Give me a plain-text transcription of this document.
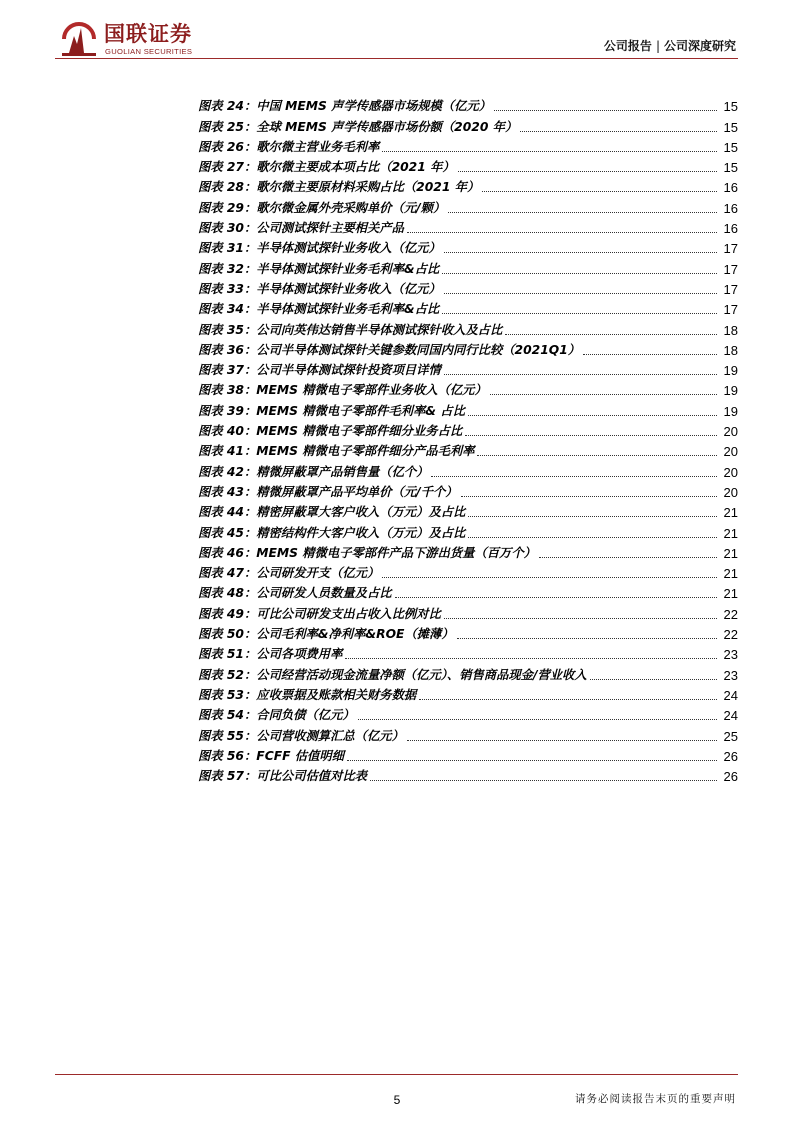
国联证券
GUOLIAN SECURITIES	公司报告 | 公司深度研究
图表 24： 中国 MEMS 声学传感器市场规模（亿元）	15
图表 25： 全球 MEMS 声学传感器市场份额（2020 年）	15
图表 26： 歌尔微主营业务毛利率	15
图表 27： 歌尔微主要成本项占比（2021 年）	15
图表 28： 歌尔微主要原材料采购占比（2021 年）	16
图表 29： 歌尔微金属外壳采购单价（元/颗）	16
图表 30： 公司测试探针主要相关产品	16
图表 31： 半导体测试探针业务收入（亿元）	17
图表 32： 半导体测试探针业务毛利率&占比	17
图表 33： 半导体测试探针业务收入（亿元）	17
图表 34： 半导体测试探针业务毛利率&占比	17
图表 35： 公司向英伟达销售半导体测试探针收入及占比	18
图表 36： 公司半导体测试探针关键参数同国内同行比较（2021Q1）	18
图表 37： 公司半导体测试探针投资项目详情	19
图表 38： MEMS 精微电子零部件业务收入（亿元）	19
图表 39： MEMS 精微电子零部件毛利率& 占比	19
图表 40： MEMS 精微电子零部件细分业务占比	20
图表 41： MEMS 精微电子零部件细分产品毛利率	20
图表 42： 精微屏蔽罩产品销售量（亿个）	20
图表 43： 精微屏蔽罩产品平均单价（元/千个）	20
图表 44： 精密屏蔽罩大客户收入（万元）及占比	21
图表 45： 精密结构件大客户收入（万元）及占比	21
图表 46： MEMS 精微电子零部件产品下游出货量（百万个）	21
图表 47： 公司研发开支（亿元）	21
图表 48： 公司研发人员数量及占比	21
图表 49： 可比公司研发支出占收入比例对比	22
图表 50： 公司毛利率&净利率&ROE（摊薄）	22
图表 51： 公司各项费用率	23
图表 52： 公司经营活动现金流量净额（亿元）、销售商品现金/营业收入	23
图表 53： 应收票据及账款相关财务数据	24
图表 54： 合同负债（亿元）	24
图表 55： 公司营收测算汇总（亿元）	25
图表 56： FCFF 估值明细	26
图表 57： 可比公司估值对比表	26
5	请务必阅读报告末页的重要声明
